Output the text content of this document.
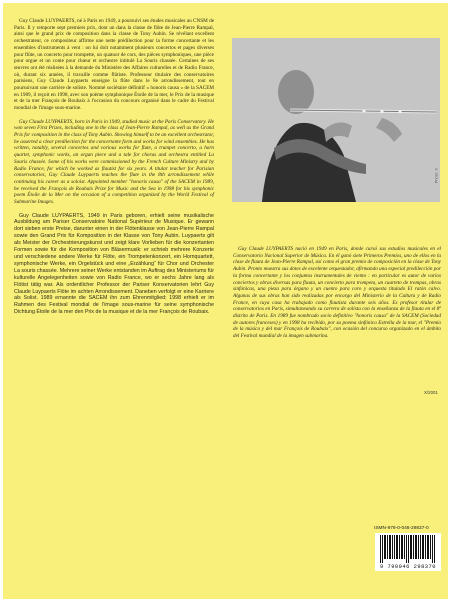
Guy Claude LUYPAERTS, né à Paris en 1949, a poursuivi ses études musicales au CNSM de Paris. Il y remporte sept premiers prix, dont un dans la classe de flûte de Jean-Pierre Rampal, ainsi que le grand prix de composition dans la classe de Tony Aubin. Se révélant excellent orchestrateur, ce compositeur affirme une nette prédilection pour la forme concertante et les ensembles d'instruments à vent : on lui doit notamment plusieurs concertos et pages diverses pour flûte, un concerto pour trompette, un quatuor de cors, des pièces symphoniques, une pièce pour orgue et un conte pour chœur et orchestre intitulé La Souris chassée. Certaines de ses œuvres ont été réalisées à la demande du Ministère des Affaires culturelles et de Radio France, où, durant six années, il travaille comme flûtiste. Professeur titulaire des conservatoires parisiens, Guy Claude Luypaerts enseigne la flûte dans le 8e arrondissement, tout en poursuivant une carrière de soliste. Nommé sociétaire définitif « honoris causa » de la SACEM en 1989, il reçoit en 1998, avec son poème symphonique Étoile de la mer, le Prix de la musique et de la mer François de Roubaix à l'occasion du concours organisé dans le cadre du Festival mondial de l'image sous-marine.

Guy Claude LUYPAERTS, born in Paris in 1949, studied music at the Paris Conservatory. He won seven First Prizes, including one in the class of Jean-Pierre Rampal, as well as the Grand Prix for composition in the class of Tony Aubin. Showing himself to be an excellent orchestrator, he asserted a clear predilection for the concertante form and works for wind ensembles. He has written, notably, several concertos and various works for flute, a trumpet concerto, a horn quartet, symphonic works, an organ piece and a tale for chorus and orchestra entitled La Souris chassée. Some of his works were commissioned by the French Culture Ministry and by Radio France, for which he worked as flautist for six years. A titular teacher for Parisian conservatories, Guy Claude Luypaerts teaches the flute in the 8th arrondissement while continuing his career as a soloist. Appointed member "honoris causa" of the SACEM in 1989, he received the François de Roubaix Prize for Music and the Sea in 1998 for his symphonic poem Étoile de la Mer on the occasion of a competition organized by the World Festival of Submarine Images.

Guy Claude LUYPAERTS, 1949 in Paris geboren, erhielt seine musikalische Ausbildung am Pariser Conservatoire National Supérieur de Musique. Er gewann dort sieben erste Preise, darunter einen in der Flötenklasse von Jean-Pierre Rampal sowie den Grand Prix für Komposition in der Klasse von Tony Aubin. Luypaerts gilt als Meister der Orchestrierungskunst und zeigt klare Vorlieben für die konzertanten Formen sowie für die Komposition von Bläsermusik: er schrieb mehrere Konzerte und verschiedene andere Werke für Flöte, ein Trompetenkonzert, ein Hornquartett, symphonische Werke, ein Orgelstück und eine „Erzählung“ für Chor und Orchester La souris chassée. Mehrere seiner Werke entstanden im Auftrag des Ministeriums für kulturelle Angelegenheiten sowie von Radio France, wo er sechs Jahre lang als Flötist tätig war. Als ordentlicher Professor der Pariser Konservatorien lehrt Guy Claude Luypaerts Flöte im achten Arrondissement. Daneben verfolgt er eine Karriere als Solist. 1989 ernannte die SACEM ihn zum Ehrenmitglied; 1998 erhielt er im Rahmen des Festival mondial de l'image sous-marine für seine symphonische Dichtung Étoile de la mer den Prix de la musique et de la mer François de Roubaix.

Photo: X

Guy Claude LUYPAERTS nació en 1949 en Paris, donde cursó sus estudios musicales en el Conservatorio Nacional Superior de Música. En él ganó siete Primeros Premios, uno de ellos en la clase de flauta de Jean-Pierre Rampal, así como el gran premio de composición en la clase de Tony Aubin. Pronto muestra sus dotes de excelente orquestador, afirmando una especial predilección por la forma concertante y los conjuntos instrumentales de viento : en particular es autor de varios conciertos y obras diversas para flauta, un concierto para trompeta, un cuarteto de trompas, obras sinfónicas, una pieza para órgano y un cuento para coro y orquesta titulado El ratón calvo. Algunas de sus obras han sido realizadas por encargo del Ministerio de la Cultura y de Radio France, en cuya casa ha trabajado como flautista durante seis años. Es profesor titular de conservatorios en Paris, simultaneando su carrera de solista con la enseñanza de la flauta en el 8º distrito de Paris. En 1989 fue nombrado socio definitivo "honoris causa" de la SACEM (Sociedad de autores franceses) y en 1998 ha recibido, por su poema sinfónico Estrella de la mar, el "Premio de la música y del mar François de Roubaix", con ocasión del concurso organizado en el ámbito del Festival mundial de la imagen submarina.

X/2001
ISMN-979-0-046-29837-0
9 790046 298370
